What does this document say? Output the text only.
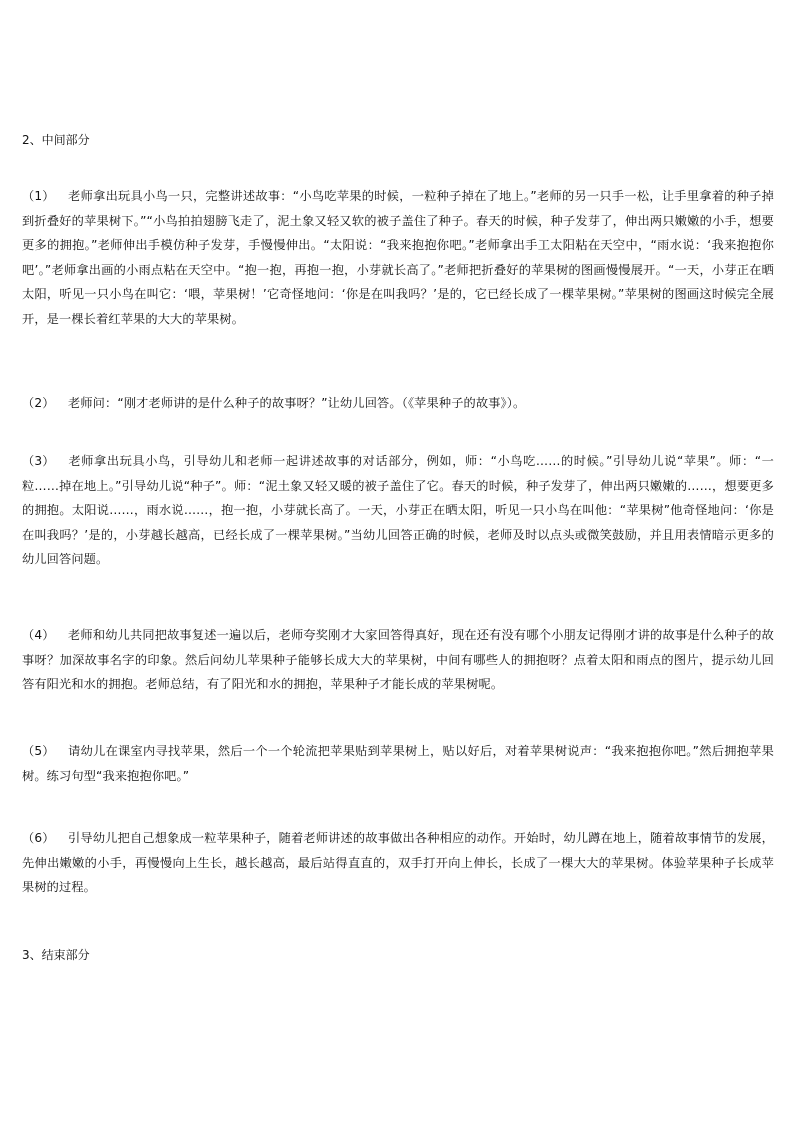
2、中间部分
（1） 老师拿出玩具小鸟一只，完整讲述故事：“小鸟吃苹果的时候，一粒种子掉在了地上。”老师的另一只手一松，让手里拿着的种子掉到折叠好的苹果树下。”“小鸟拍拍翅膀飞走了，泥土象又轻又软的被子盖住了种子。春天的时候，种子发芽了，伸出两只嫩嫩的小手，想要更多的拥抱。”老师伸出手模仿种子发芽，手慢慢伸出。“太阳说：“我来抱抱你吧。”老师拿出手工太阳粘在天空中，“雨水说：‘我来抱抱你吧’。”老师拿出画的小雨点粘在天空中。“抱一抱，再抱一抱，小芽就长高了。”老师把折叠好的苹果树的图画慢慢展开。“一天，小芽正在晒太阳，听见一只小鸟在叫它：‘喂，苹果树！’它奇怪地问：‘你是在叫我吗？’是的，它已经长成了一棵苹果树。”苹果树的图画这时候完全展开，是一棵长着红苹果的大大的苹果树。
（2） 老师问：“刚才老师讲的是什么种子的故事呀？”让幼儿回答。（《苹果种子的故事》）。
（3） 老师拿出玩具小鸟，引导幼儿和老师一起讲述故事的对话部分，例如，师：“小鸟吃……的时候。”引导幼儿说“苹果”。师：“一粒……掉在地上。”引导幼儿说“种子”。师：“泥土象又轻又暖的被子盖住了它。春天的时候，种子发芽了，伸出两只嫩嫩的……，想要更多的拥抱。太阳说……，雨水说……，抱一抱，小芽就长高了。一天，小芽正在晒太阳，听见一只小鸟在叫他：“苹果树”他奇怪地问：‘你是在叫我吗？’是的，小芽越长越高，已经长成了一棵苹果树。”当幼儿回答正确的时候，老师及时以点头或微笑鼓励，并且用表情暗示更多的幼儿回答问题。
（4） 老师和幼儿共同把故事复述一遍以后，老师夸奖刚才大家回答得真好，现在还有没有哪个小朋友记得刚才讲的故事是什么种子的故事呀？加深故事名字的印象。然后问幼儿苹果种子能够长成大大的苹果树，中间有哪些人的拥抱呀？点着太阳和雨点的图片，提示幼儿回答有阳光和水的拥抱。老师总结，有了阳光和水的拥抱，苹果种子才能长成的苹果树呢。
（5） 请幼儿在课室内寻找苹果，然后一个一个轮流把苹果贴到苹果树上，贴以好后，对着苹果树说声：“我来抱抱你吧。”然后拥抱苹果树。练习句型“我来抱抱你吧。”
（6） 引导幼儿把自己想象成一粒苹果种子，随着老师讲述的故事做出各种相应的动作。开始时，幼儿蹲在地上，随着故事情节的发展，先伸出嫩嫩的小手，再慢慢向上生长，越长越高，最后站得直直的，双手打开向上伸长，长成了一棵大大的苹果树。体验苹果种子长成苹果树的过程。
3、结束部分
